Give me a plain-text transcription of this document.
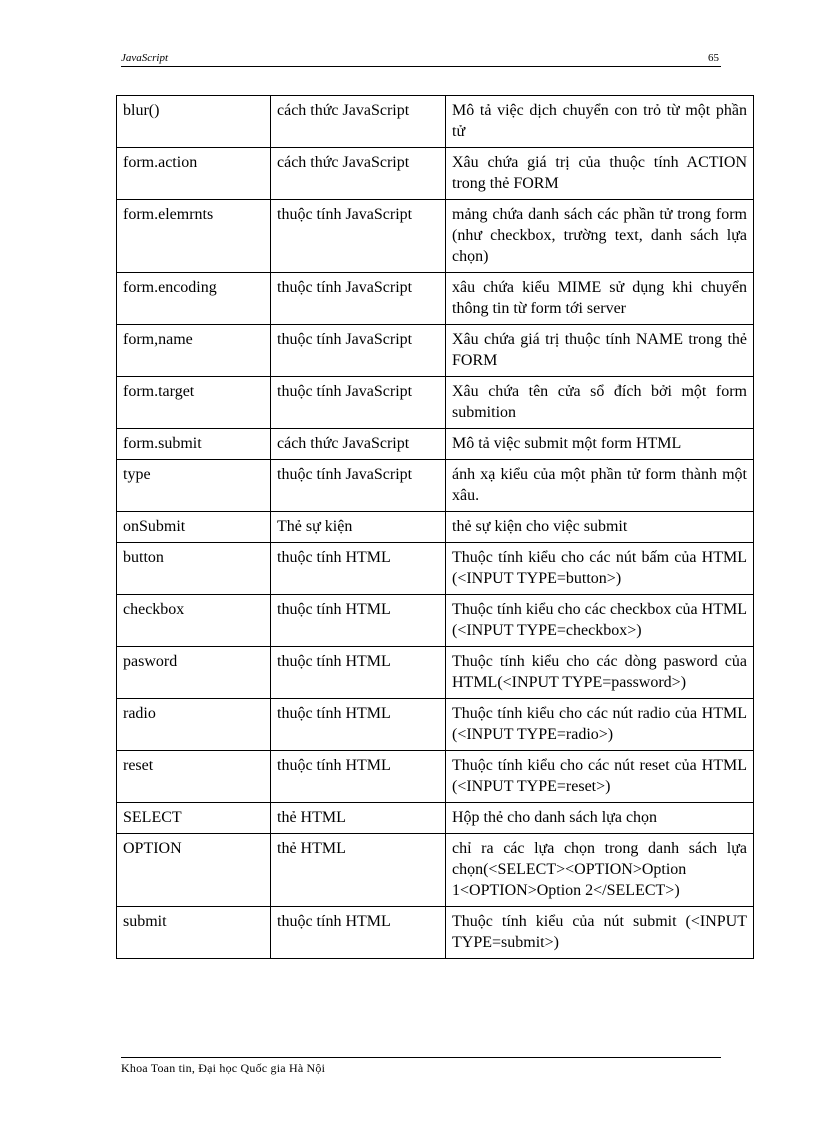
JavaScript	65
blur()	cách thức JavaScript	Mô tả việc dịch chuyển con trỏ từ một phần tử
form.action	cách thức JavaScript	Xâu chứa giá trị của thuộc tính ACTION trong thẻ FORM
form.elemrnts	thuộc tính JavaScript	mảng chứa danh sách các phần tử trong form (như checkbox, trường text, danh sách lựa chọn)
form.encoding	thuộc tính JavaScript	xâu chứa kiểu MIME sử dụng khi chuyển thông tin từ form tới server
form,name	thuộc tính JavaScript	Xâu chứa giá trị thuộc tính NAME trong thẻ FORM
form.target	thuộc tính JavaScript	Xâu chứa tên cửa sổ đích bởi một form submition
form.submit	cách thức JavaScript	Mô tả việc submit một form HTML
type	thuộc tính JavaScript	ánh xạ kiểu của một phần tử form thành một xâu.
onSubmit	Thẻ sự kiện	thẻ sự kiện cho việc submit
button	thuộc tính HTML	Thuộc tính kiểu cho các nút bấm của HTML (<INPUT TYPE=button>)
checkbox	thuộc tính HTML	Thuộc tính kiểu cho các checkbox của HTML (<INPUT TYPE=checkbox>)
pasword	thuộc tính HTML	Thuộc tính kiểu cho các dòng pasword của HTML(<INPUT TYPE=password>)
radio	thuộc tính HTML	Thuộc tính kiểu cho các nút radio của HTML (<INPUT TYPE=radio>)
reset	thuộc tính HTML	Thuộc tính kiểu cho các nút reset của HTML (<INPUT TYPE=reset>)
SELECT	thẻ HTML	Hộp thẻ cho danh sách lựa chọn
OPTION	thẻ HTML	chỉ ra các lựa chọn trong danh sách lựa chọn(<SELECT><OPTION>Option 1<OPTION>Option 2</SELECT>)
submit	thuộc tính HTML	Thuộc tính kiểu của nút submit (<INPUT TYPE=submit>)
Khoa Toan tin, Đại học Quốc gia Hà Nội
